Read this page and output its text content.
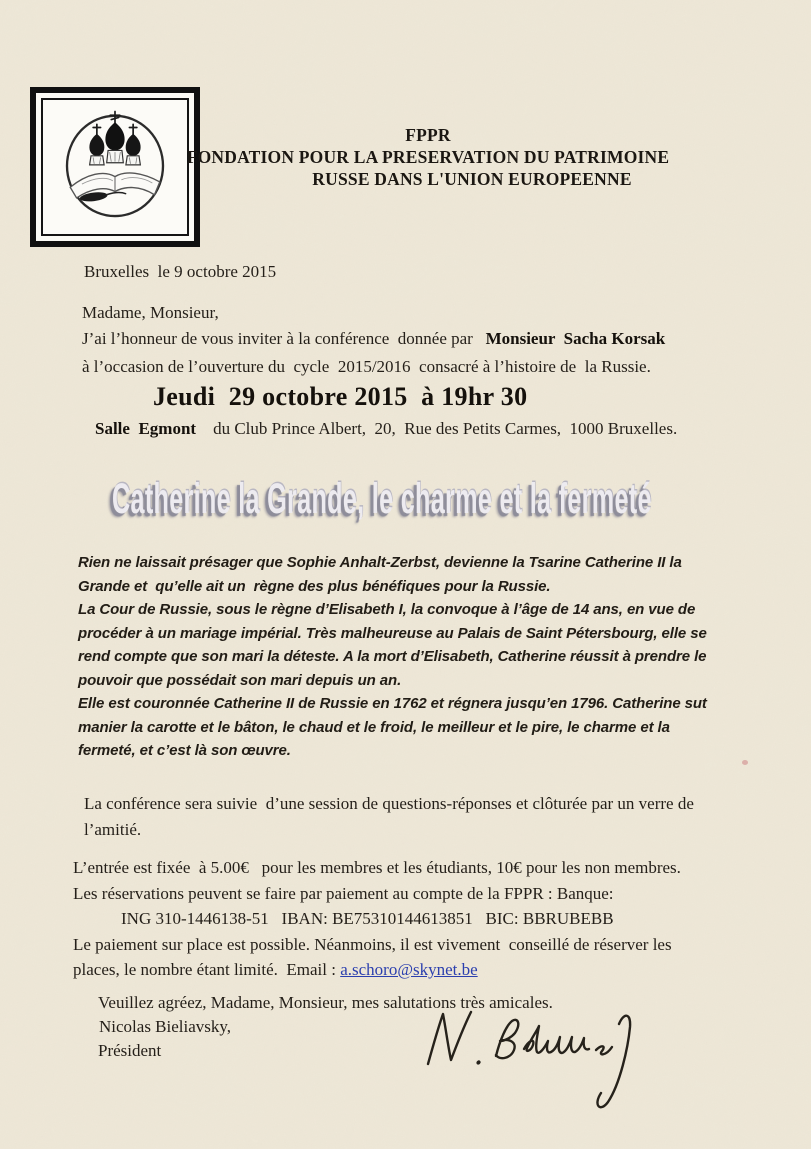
FPPR
FONDATION POUR LA PRESERVATION DU PATRIMOINE
RUSSE DANS L'UNION EUROPEENNE
Bruxelles  le 9 octobre 2015
Madame, Monsieur,
J’ai l’honneur de vous inviter à la conférence  donnée par   Monsieur  Sacha Korsak
à l’occasion de l’ouverture du  cycle  2015/2016  consacré à l’histoire de  la Russie.
Jeudi  29 octobre 2015  à 19hr 30
Salle  Egmont    du Club Prince Albert,  20,  Rue des Petits Carmes,  1000 Bruxelles.
Catherine la Grande, le charme et la fermeté
Rien ne laissait présager que Sophie Anhalt-Zerbst, devienne la Tsarine Catherine II la
Grande et  qu’elle ait un  règne des plus bénéfiques pour la Russie.
La Cour de Russie, sous le règne d’Elisabeth I, la convoque à l’âge de 14 ans, en vue de
procéder à un mariage impérial. Très malheureuse au Palais de Saint Pétersbourg, elle se
rend compte que son mari la déteste. A la mort d’Elisabeth, Catherine réussit à prendre le
pouvoir que possédait son mari depuis un an.
Elle est couronnée Catherine II de Russie en 1762 et régnera jusqu’en 1796. Catherine sut
manier la carotte et le bâton, le chaud et le froid, le meilleur et le pire, le charme et la
fermeté, et c’est là son œuvre.
La conférence sera suivie  d’une session de questions-réponses et clôturée par un verre de
l’amitié.
L’entrée est fixée  à 5.00€   pour les membres et les étudiants, 10€ pour les non membres.
Les réservations peuvent se faire par paiement au compte de la FPPR : Banque:
ING 310-1446138-51   IBAN: BE75310144613851   BIC: BBRUBEBB
Le paiement sur place est possible. Néanmoins, il est vivement  conseillé de réserver les
places, le nombre étant limité.  Email : a.schoro@skynet.be
Veuillez agréez, Madame, Monsieur, mes salutations très amicales.
Nicolas Bieliavsky,
Président
